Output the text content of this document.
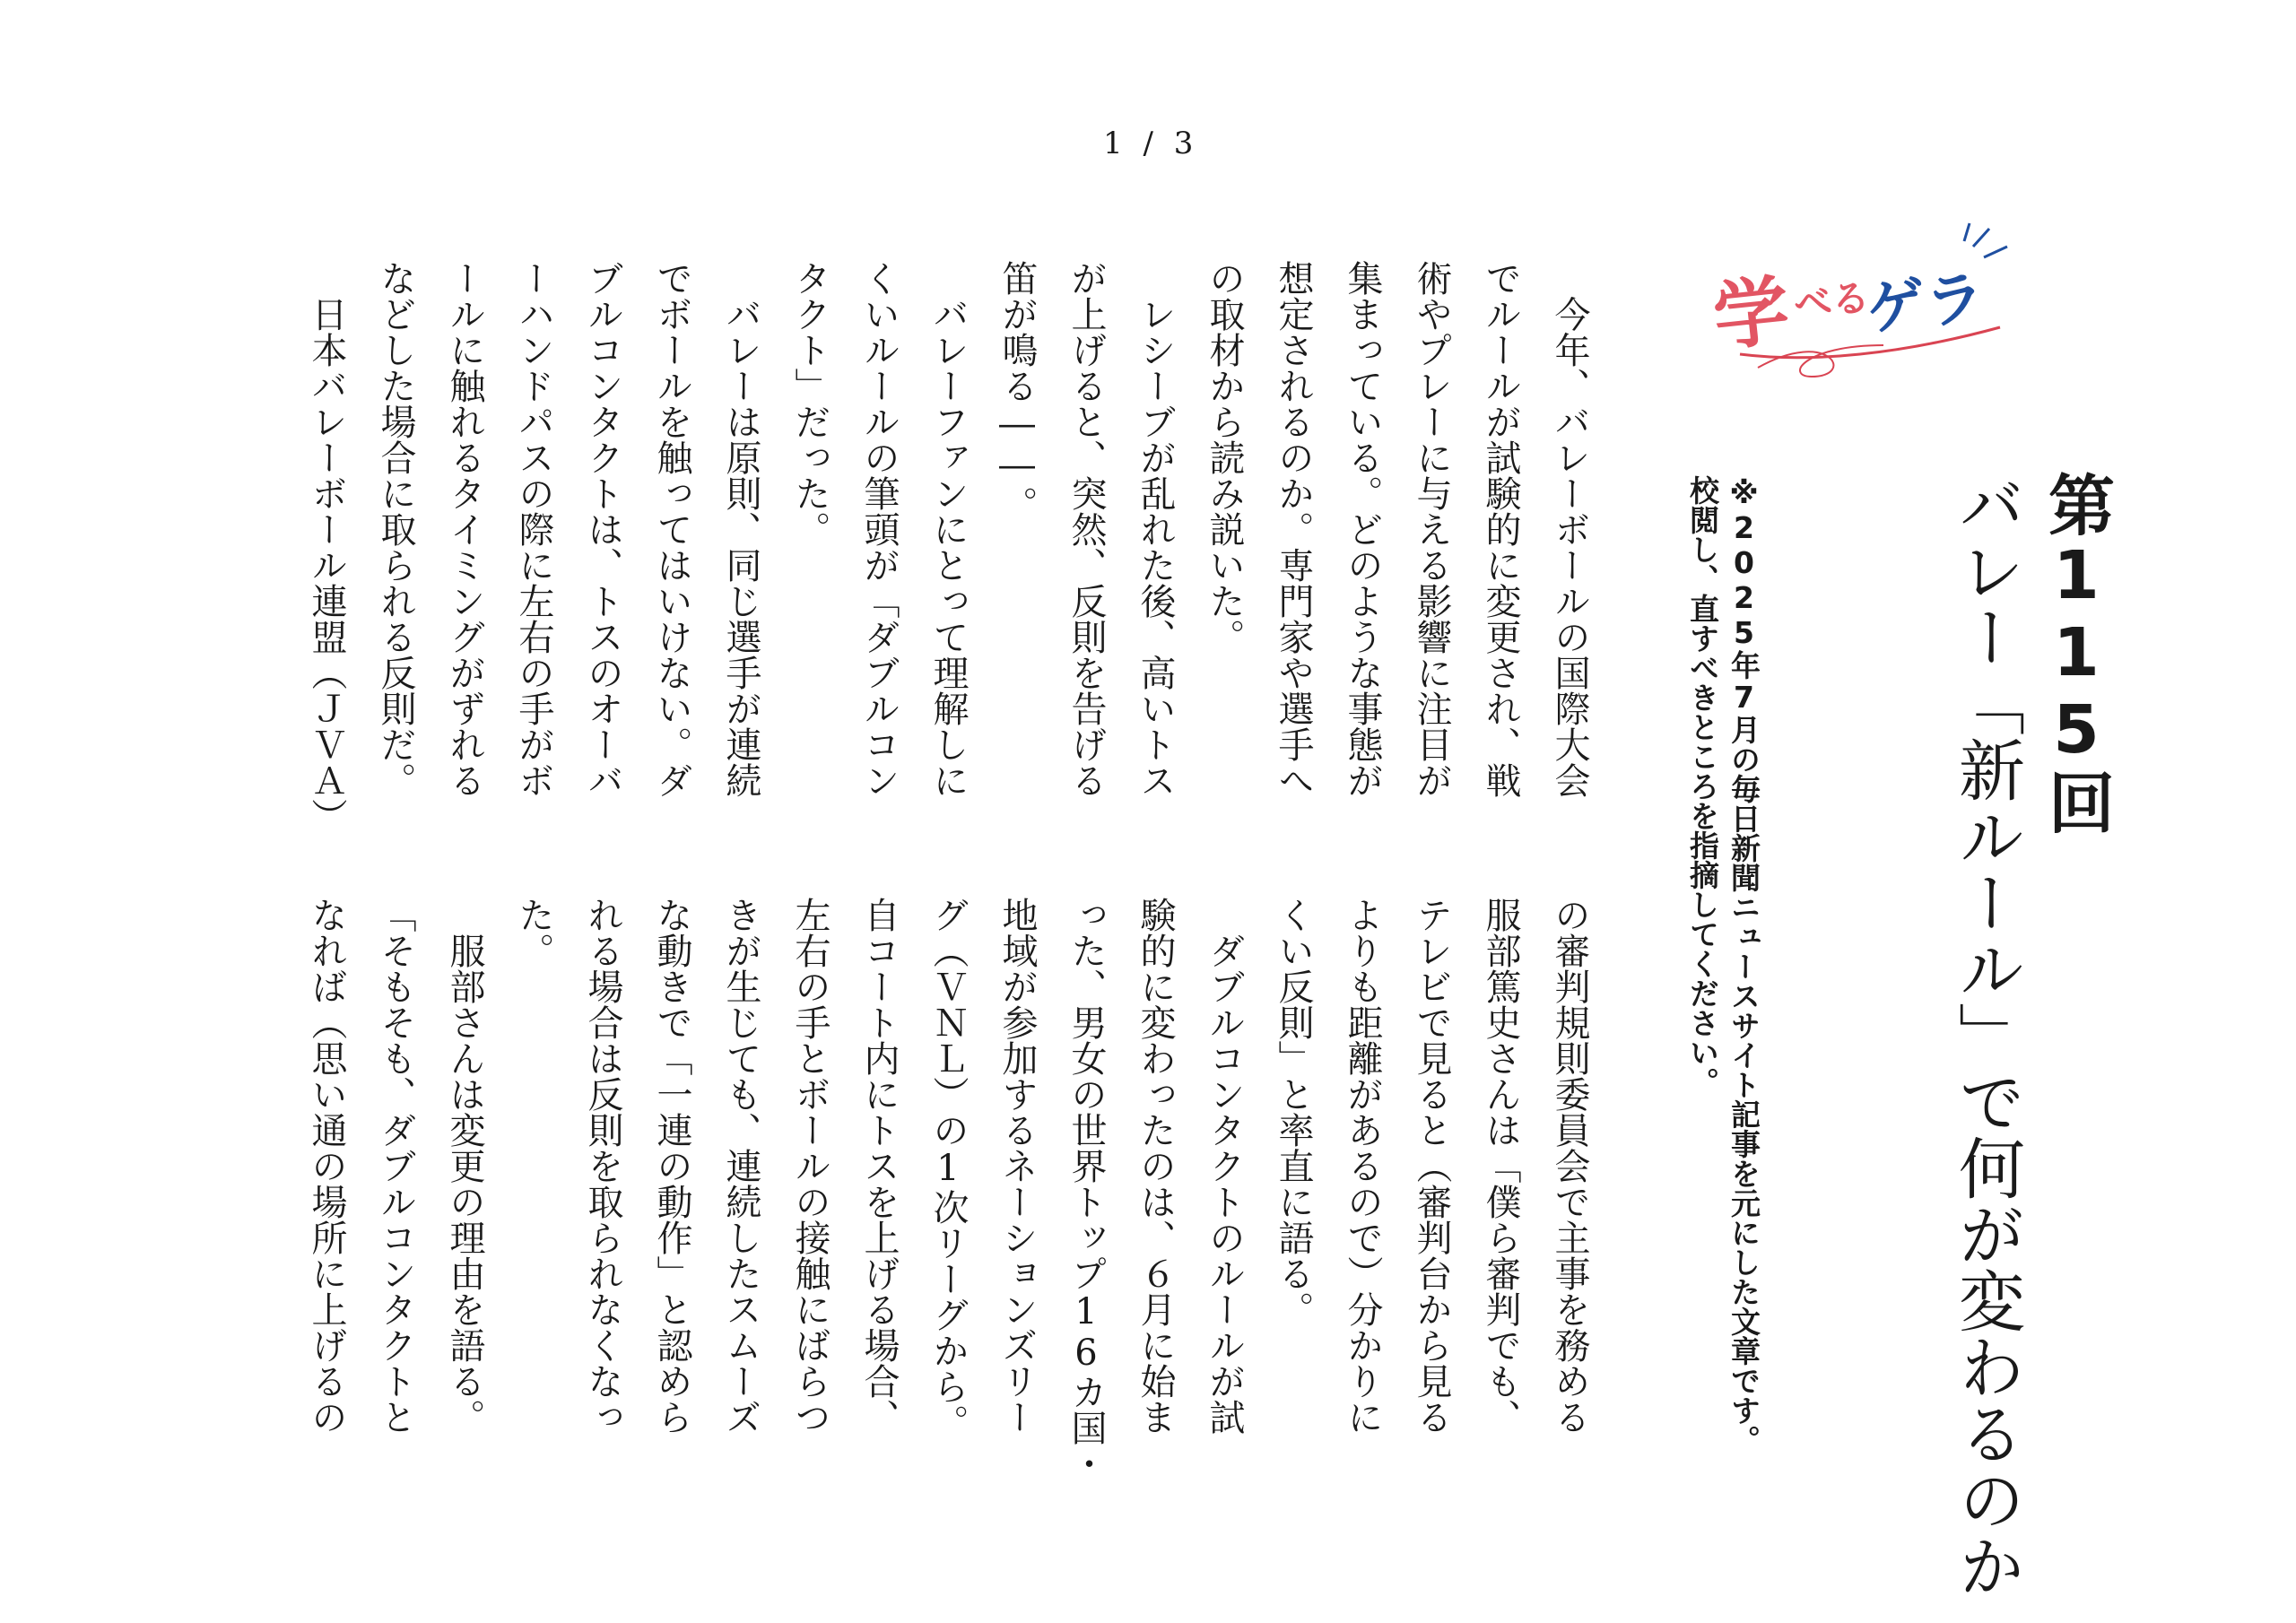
1 / 3
学
べる
ゲラ
第115回
バレー「新ルール」で何が変わるのか
※2025年7月の毎日新聞ニュースサイト記事を元にした文章です。
校閲し、直すべきところを指摘してください。
　今年、バレーボールの国際大会
でルールが試験的に変更され、戦
術やプレーに与える影響に注目が
集まっている。どのような事態が
想定されるのか。専門家や選手へ
の取材から読み説いた。
　レシーブが乱れた後、高いトス
が上げると、突然、反則を告げる
笛が鳴る――。
　バレーファンにとって理解しに
くいルールの筆頭が「ダブルコン
タクト」だった。
　バレーは原則、同じ選手が連続
でボールを触ってはいけない。ダ
ブルコンタクトは、トスのオーバ
ーハンドパスの際に左右の手がボ
ールに触れるタイミングがずれる
などした場合に取られる反則だ。
　日本バレーボール連盟（ＪＶＡ）
の審判規則委員会で主事を務める
服部篤史さんは「僕ら審判でも、
テレビで見ると（審判台から見る
よりも距離があるので）分かりに
くい反則」と率直に語る。
　ダブルコンタクトのルールが試
験的に変わったのは、６月に始ま
った、男女の世界トップ16カ国・
地域が参加するネーションズリー
グ（ＶＮＬ）の1次リーグから。
自コート内にトスを上げる場合、
左右の手とボールの接触にばらつ
きが生じても、連続したスムーズ
な動きで「一連の動作」と認めら
れる場合は反則を取られなくなっ
た。
　服部さんは変更の理由を語る。
「そもそも、ダブルコンタクトと
なれば（思い通の場所に上げるの
